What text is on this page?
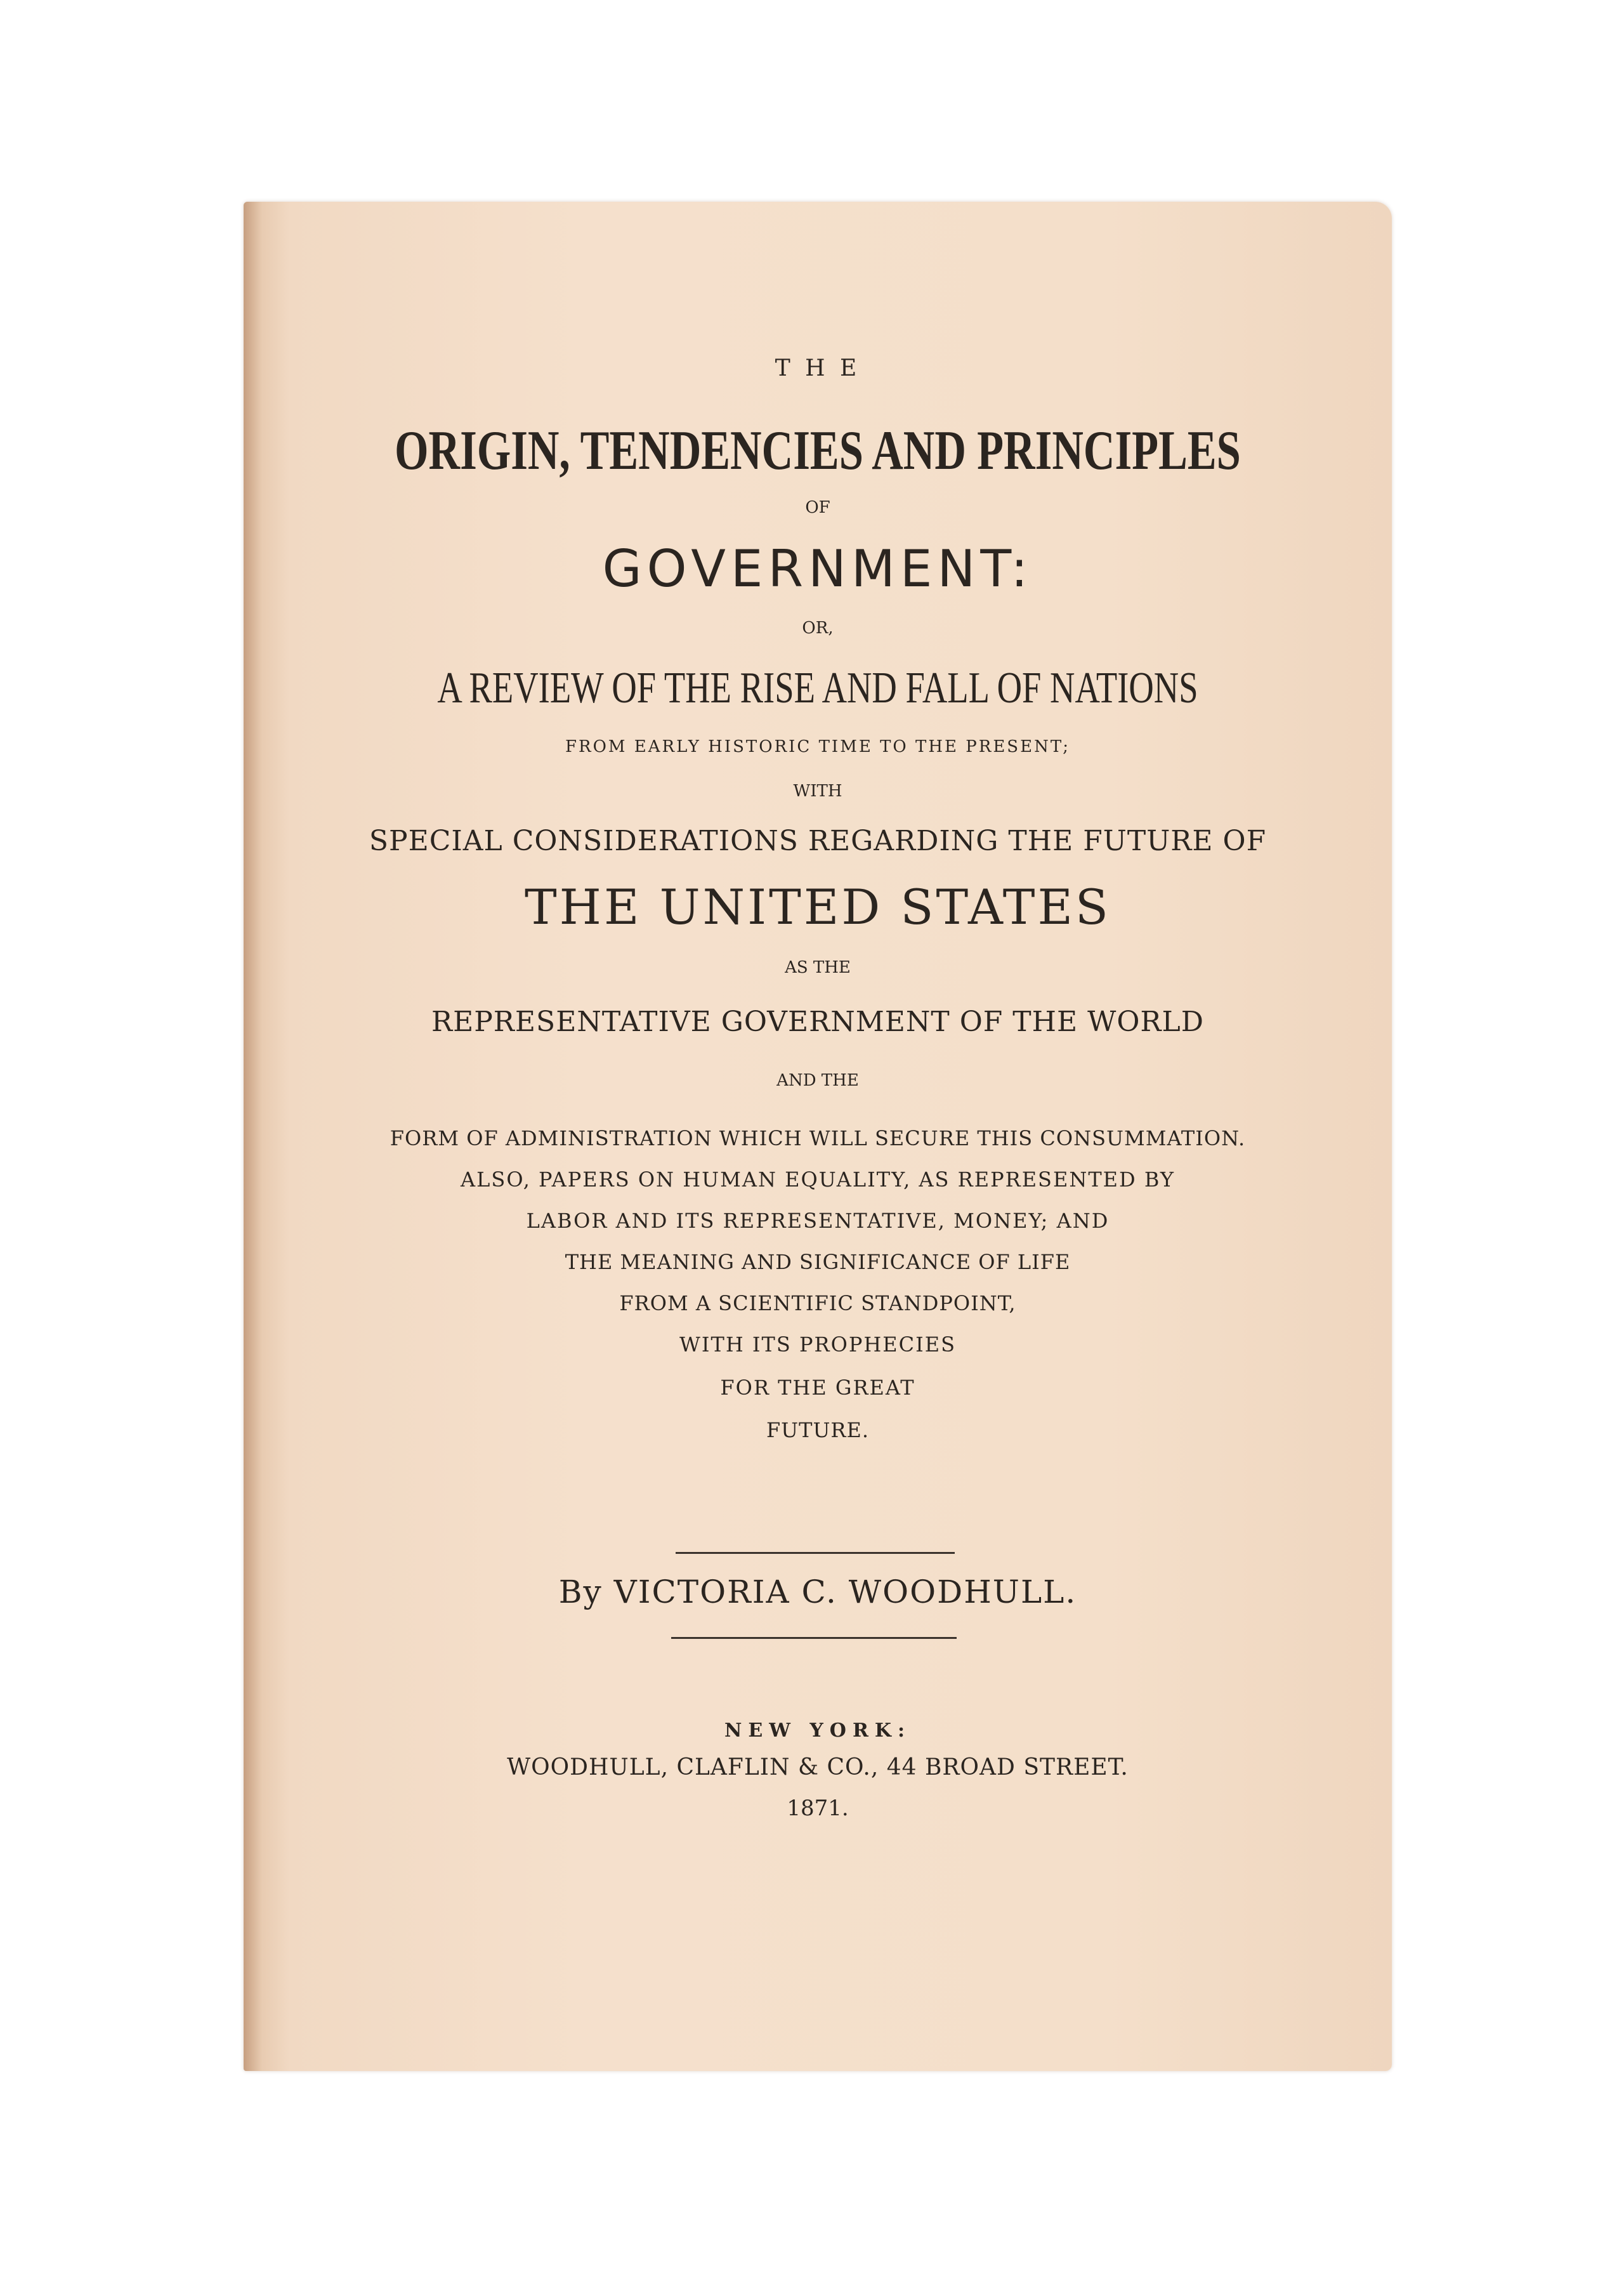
T H E
ORIGIN, TENDENCIES AND PRINCIPLES
OF
GOVERNMENT:
OR,
A REVIEW OF THE RISE AND FALL OF NATIONS
FROM EARLY HISTORIC TIME TO THE PRESENT;
WITH
SPECIAL CONSIDERATIONS REGARDING THE FUTURE OF
THE UNITED STATES
AS THE
REPRESENTATIVE GOVERNMENT OF THE WORLD
AND THE
FORM OF ADMINISTRATION WHICH WILL SECURE THIS CONSUMMATION.
ALSO, PAPERS ON HUMAN EQUALITY, AS REPRESENTED BY
LABOR AND ITS REPRESENTATIVE, MONEY; AND
THE MEANING AND SIGNIFICANCE OF LIFE
FROM A SCIENTIFIC STANDPOINT,
WITH ITS PROPHECIES
FOR THE GREAT
FUTURE.
By VICTORIA C. WOODHULL.
NEW YORK:
WOODHULL, CLAFLIN & CO., 44 BROAD STREET.
1871.
